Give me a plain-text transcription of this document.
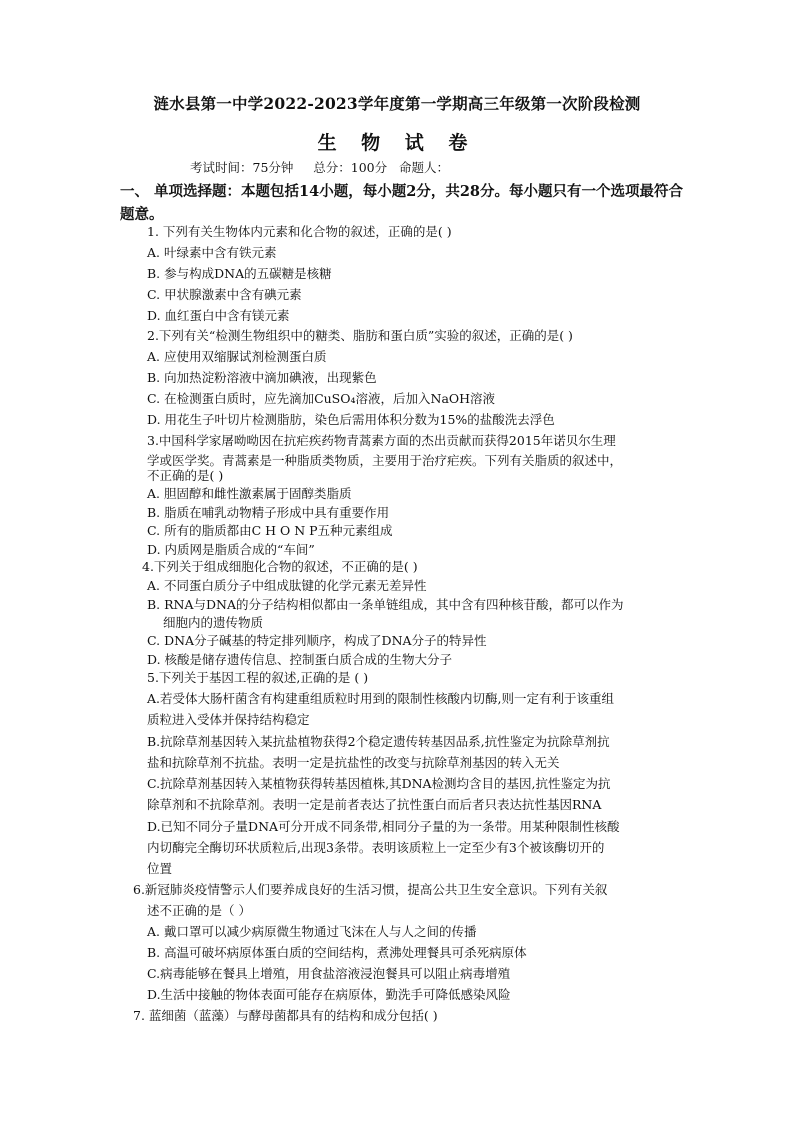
涟水县第一中学2022-2023学年度第一学期高三年级第一次阶段检测
生 物 试 卷
考试时间：75分钟     总分：100分   命题人：
一、 单项选择题：本题包括14小题，每小题2分，共28分。每小题只有一个选项最符合题意。
1. 下列有关生物体内元素和化合物的叙述，正确的是( )
A. 叶绿素中含有铁元素
B. 参与构成DNA的五碳糖是核糖
C. 甲状腺激素中含有碘元素
D. 血红蛋白中含有镁元素
2.下列有关“检测生物组织中的糖类、脂肪和蛋白质”实验的叙述，正确的是( )
A. 应使用双缩脲试剂检测蛋白质
B. 向加热淀粉溶液中滴加碘液，出现紫色
C. 在检测蛋白质时，应先滴加CuSO₄溶液，后加入NaOH溶液
D. 用花生子叶切片检测脂肪，染色后需用体积分数为15%的盐酸洗去浮色
3.中国科学家屠呦呦因在抗疟疾药物青蒿素方面的杰出贡献而获得2015年诺贝尔生理
学或医学奖。青蒿素是一种脂质类物质，主要用于治疗疟疾。下列有关脂质的叙述中，
不正确的是( )
A. 胆固醇和雌性激素属于固醇类脂质
B. 脂质在哺乳动物精子形成中具有重要作用
C. 所有的脂质都由C H O N P五种元素组成
D. 内质网是脂质合成的“车间”
4.下列关于组成细胞化合物的叙述，不正确的是( )
A. 不同蛋白质分子中组成肽键的化学元素无差异性
B. RNA与DNA的分子结构相似都由一条单链组成，其中含有四种核苷酸，都可以作为
细胞内的遗传物质
C. DNA分子碱基的特定排列顺序，构成了DNA分子的特异性
D. 核酸是储存遗传信息、控制蛋白质合成的生物大分子
5.下列关于基因工程的叙述,正确的是 ( )
A.若受体大肠杆菌含有构建重组质粒时用到的限制性核酸内切酶,则一定有利于该重组
质粒进入受体并保持结构稳定
B.抗除草剂基因转入某抗盐植物获得2个稳定遗传转基因品系,抗性鉴定为抗除草剂抗
盐和抗除草剂不抗盐。表明一定是抗盐性的改变与抗除草剂基因的转入无关
C.抗除草剂基因转入某植物获得转基因植株,其DNA检测均含目的基因,抗性鉴定为抗
除草剂和不抗除草剂。表明一定是前者表达了抗性蛋白而后者只表达抗性基因RNA
D.已知不同分子量DNA可分开成不同条带,相同分子量的为一条带。用某种限制性核酸
内切酶完全酶切环状质粒后,出现3条带。表明该质粒上一定至少有3个被该酶切开的
位置
6.新冠肺炎疫情警示人们要养成良好的生活习惯，提高公共卫生安全意识。下列有关叙
述不正确的是（ ）
A. 戴口罩可以减少病原微生物通过飞沫在人与人之间的传播
B. 高温可破坏病原体蛋白质的空间结构，煮沸处理餐具可杀死病原体
C.病毒能够在餐具上增殖，用食盐溶液浸泡餐具可以阻止病毒增殖
D.生活中接触的物体表面可能存在病原体，勤洗手可降低感染风险
7. 蓝细菌（蓝藻）与酵母菌都具有的结构和成分包括( )
